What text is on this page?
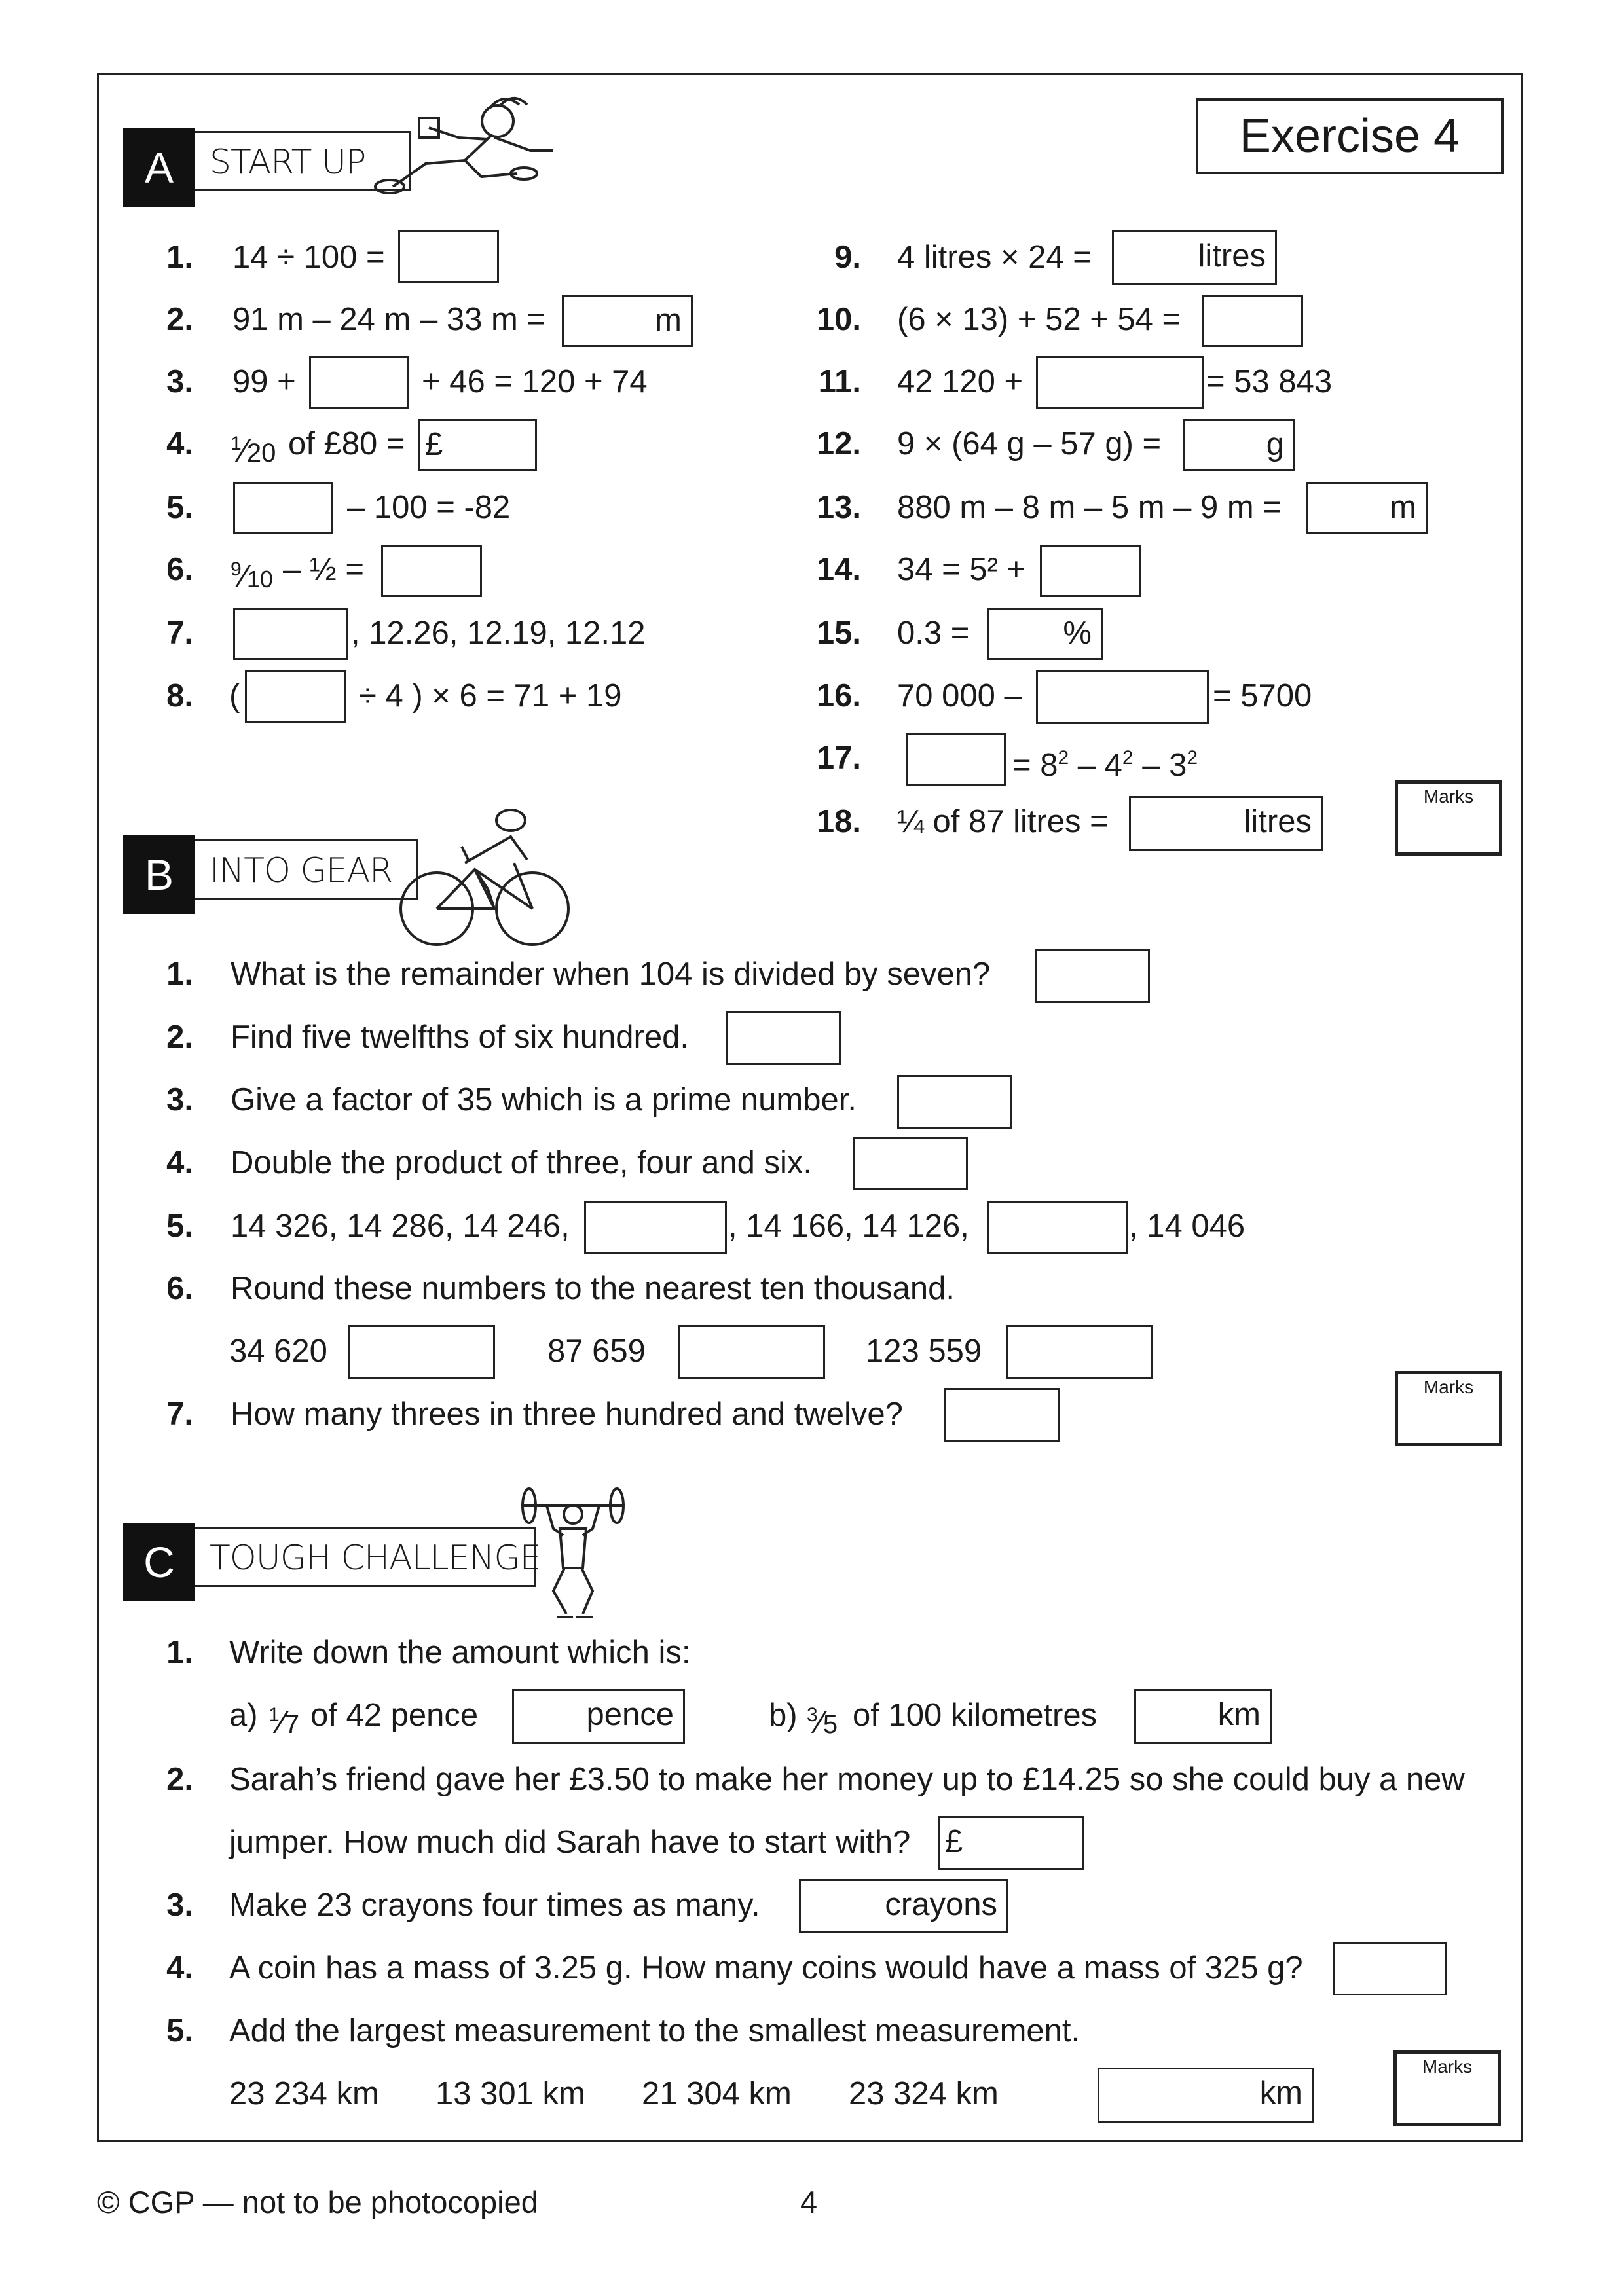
Exercise 4
A	START UP
1. 14 ÷ 100 =
2. 91 m – 24 m – 33 m =	m
3. 99 +	+ 46 = 120 + 74
4. $^1$⁄20 of £80 = £
5.	– 100 = -82
6. $^9$⁄10 – ½ =
7.	, 12.26, 12.19, 12.12
8. (	÷ 4 ) × 6 = 71 + 19
9. 4 litres × 24 =	litres
10. (6 × 13) + 52 + 54 =
11. 42 120 +	= 53 843
12. 9 × (64 g – 57 g) =	g
13. 880 m – 8 m – 5 m – 9 m =	m
14. 34 = 5² +
15. 0.3 =	%
16. 70 000 –	= 5700
17.	= $8^2 - 4^2 - 3^2$
18. ¼ of 87 litres =	litres
Marks
B	INTO GEAR
1. What is the remainder when 104 is divided by seven?
2. Find five twelfths of six hundred.
3. Give a factor of 35 which is a prime number.
4. Double the product of three, four and six.
5. 14 326, 14 286, 14 246,	, 14 166, 14 126,	, 14 046
6. Round these numbers to the nearest ten thousand.
34 620	87 659	123 559
7. How many threes in three hundred and twelve?
Marks
C	TOUGH CHALLENGE
1. Write down the amount which is:
a) $^1$⁄7 of 42 pence	pence	b) $^3$⁄5 of 100 kilometres	km
2. Sarah’s friend gave her £3.50 to make her money up to £14.25 so she could buy a new
jumper. How much did Sarah have to start with? £
3. Make 23 crayons four times as many.	crayons
4. A coin has a mass of 3.25 g. How many coins would have a mass of 325 g?
5. Add the largest measurement to the smallest measurement.
23 234 km 13 301 km 21 304 km 23 324 km	km
Marks
© CGP — not to be photocopied	4
